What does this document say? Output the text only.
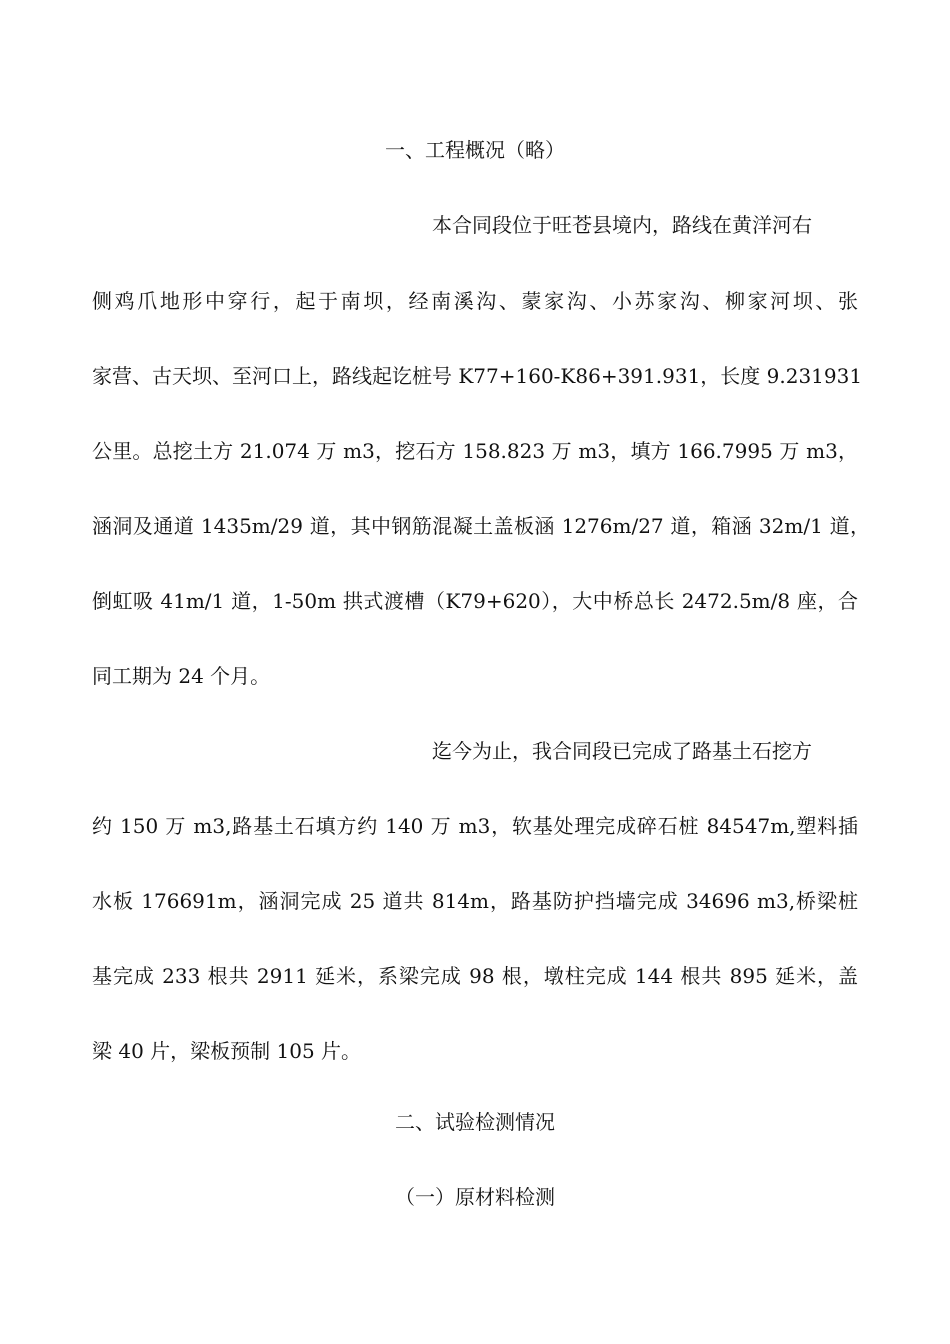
一、工程概况（略）
本合同段位于旺苍县境内，路线在黄洋河右
侧鸡爪地形中穿行，起于南坝，经南溪沟、蒙家沟、小苏家沟、柳家河坝、张
家营、古天坝、至河口上，路线起讫桩号 K77+160-K86+391.931，长度 9.231931
公里。总挖土方 21.074 万 m3，挖石方 158.823 万 m3，填方 166.7995 万 m3，
涵洞及通道 1435m/29 道，其中钢筋混凝土盖板涵 1276m/27 道，箱涵 32m/1 道，
倒虹吸 41m/1 道，1-50m 拱式渡槽（K79+620），大中桥总长 2472.5m/8 座，合
同工期为 24 个月。
迄今为止，我合同段已完成了路基土石挖方
约 150 万 m3,路基土石填方约 140 万 m3，软基处理完成碎石桩 84547m,塑料插
水板 176691m，涵洞完成 25 道共 814m，路基防护挡墙完成 34696 m3,桥梁桩
基完成 233 根共 2911 延米，系梁完成 98 根，墩柱完成 144 根共 895 延米，盖
梁 40 片，梁板预制 105 片。
二、试验检测情况
（一）原材料检测
